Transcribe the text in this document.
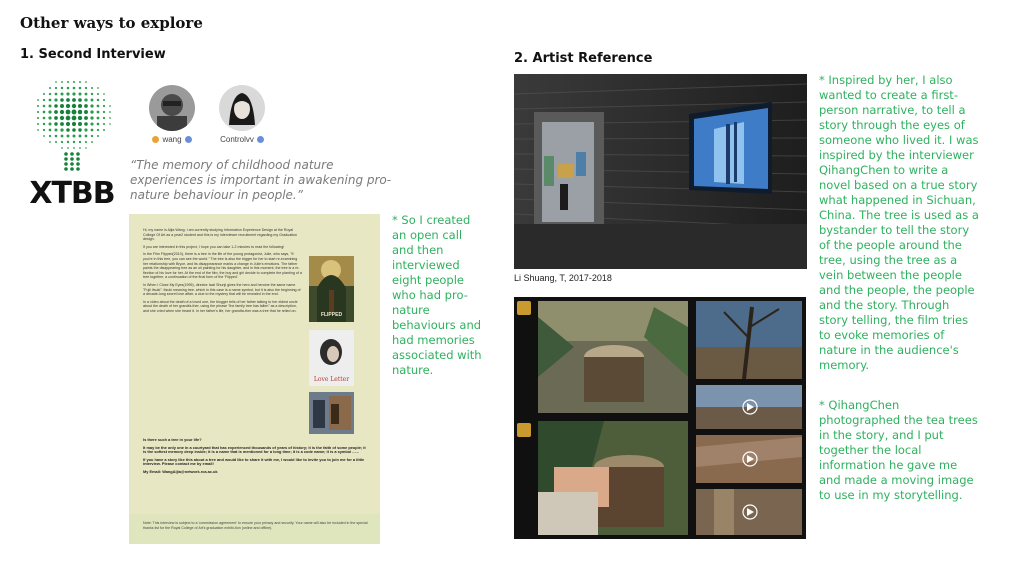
Other ways to explore
1. Second Interview
XTBB
wang	Controlvv
“The memory of childhood nature experiences is important in awakening pro-nature behaviour in people.”

Hi, my name is Aijia Wang. I am currently studying Information Experience Design at the Royal College Of Art as a year2 student and this is my interviewer recruitment regarding my Graduation design.

If you are interested in this project, I hope you can take 1-2 minutes to read the following!

In the Film Flipped(2010), there is a tree in the life of the young protagonist, Julie, who says, "If you're in this tree, you can see the world." The tree is also the trigger for her to start re-examining her relationship with Bryce, and its disappearance marks a change in Julie's emotions. The father paints the disappearing tree as an oil painting for his daughter, and in this moment, the tree is a re-flection of his love for her. At the end of the film, the boy and girl decide to complete the planting of a tree together, a continuation of the final form of the 'Flipped'.

In When I Close My Eyes(1995), director Iwai Shunji gives the hero and heroine the same name "Fujii Itsuki". Itsuki meaning tree, which in this case is a name symbol, but it is also the beginning of a decade-long secret love affair, a clue to the mystery that will be revealed in the end.

In a video about the death of a loved one, the blogger tells of her father talking to her eldest uncle about the death of her grandfa-ther, using the phrase "the family tree has fallen" as a description, and she cried when she heard it. In her father's life, her grandfa-ther was a tree that he relied on.

Is there such a tree in your life?

It may be the only one in a courtyard that has experienced thousands of years of history; it is the faith of some people; it is the softest memory deep inside; it is a name that is mentioned for a long time; it is a code name; it is a symbol ......

If you have a story like this about a tree and would like to share it with me, I would like to invite you to join me for a little interview. Please contact me by email!

My Email: WangAijia@network.rca.ac.uk

FLIPPED
Love Letter

Note: This interview is subject to a 'commission agreement' to ensure your privacy and security. Your name will also be included in the special thanks list for the Royal College of Art's graduation exhibi-tion (online and offline).

* So I created an open call and then interviewed eight people who had pro-nature behaviours and had memories associated with nature.
2. Artist Reference
Li Shuang, T, 2017-2018
* Inspired by her, I also wanted to create a first-person narrative, to tell a story through the eyes of someone who lived it. I was inspired by the interviewer QihangChen to write a novel based on a true story what happened in Sichuan, China. The tree is used as a bystander to tell the story of the people around the tree, using the tree as a vein between the people and the people, the people and the story. Through story telling, the film tries to evoke memories of nature in the audience's memory.
* QihangChen photographed the tea trees in the story, and I put together the local information he gave me and made a moving image to use in my storytelling.
